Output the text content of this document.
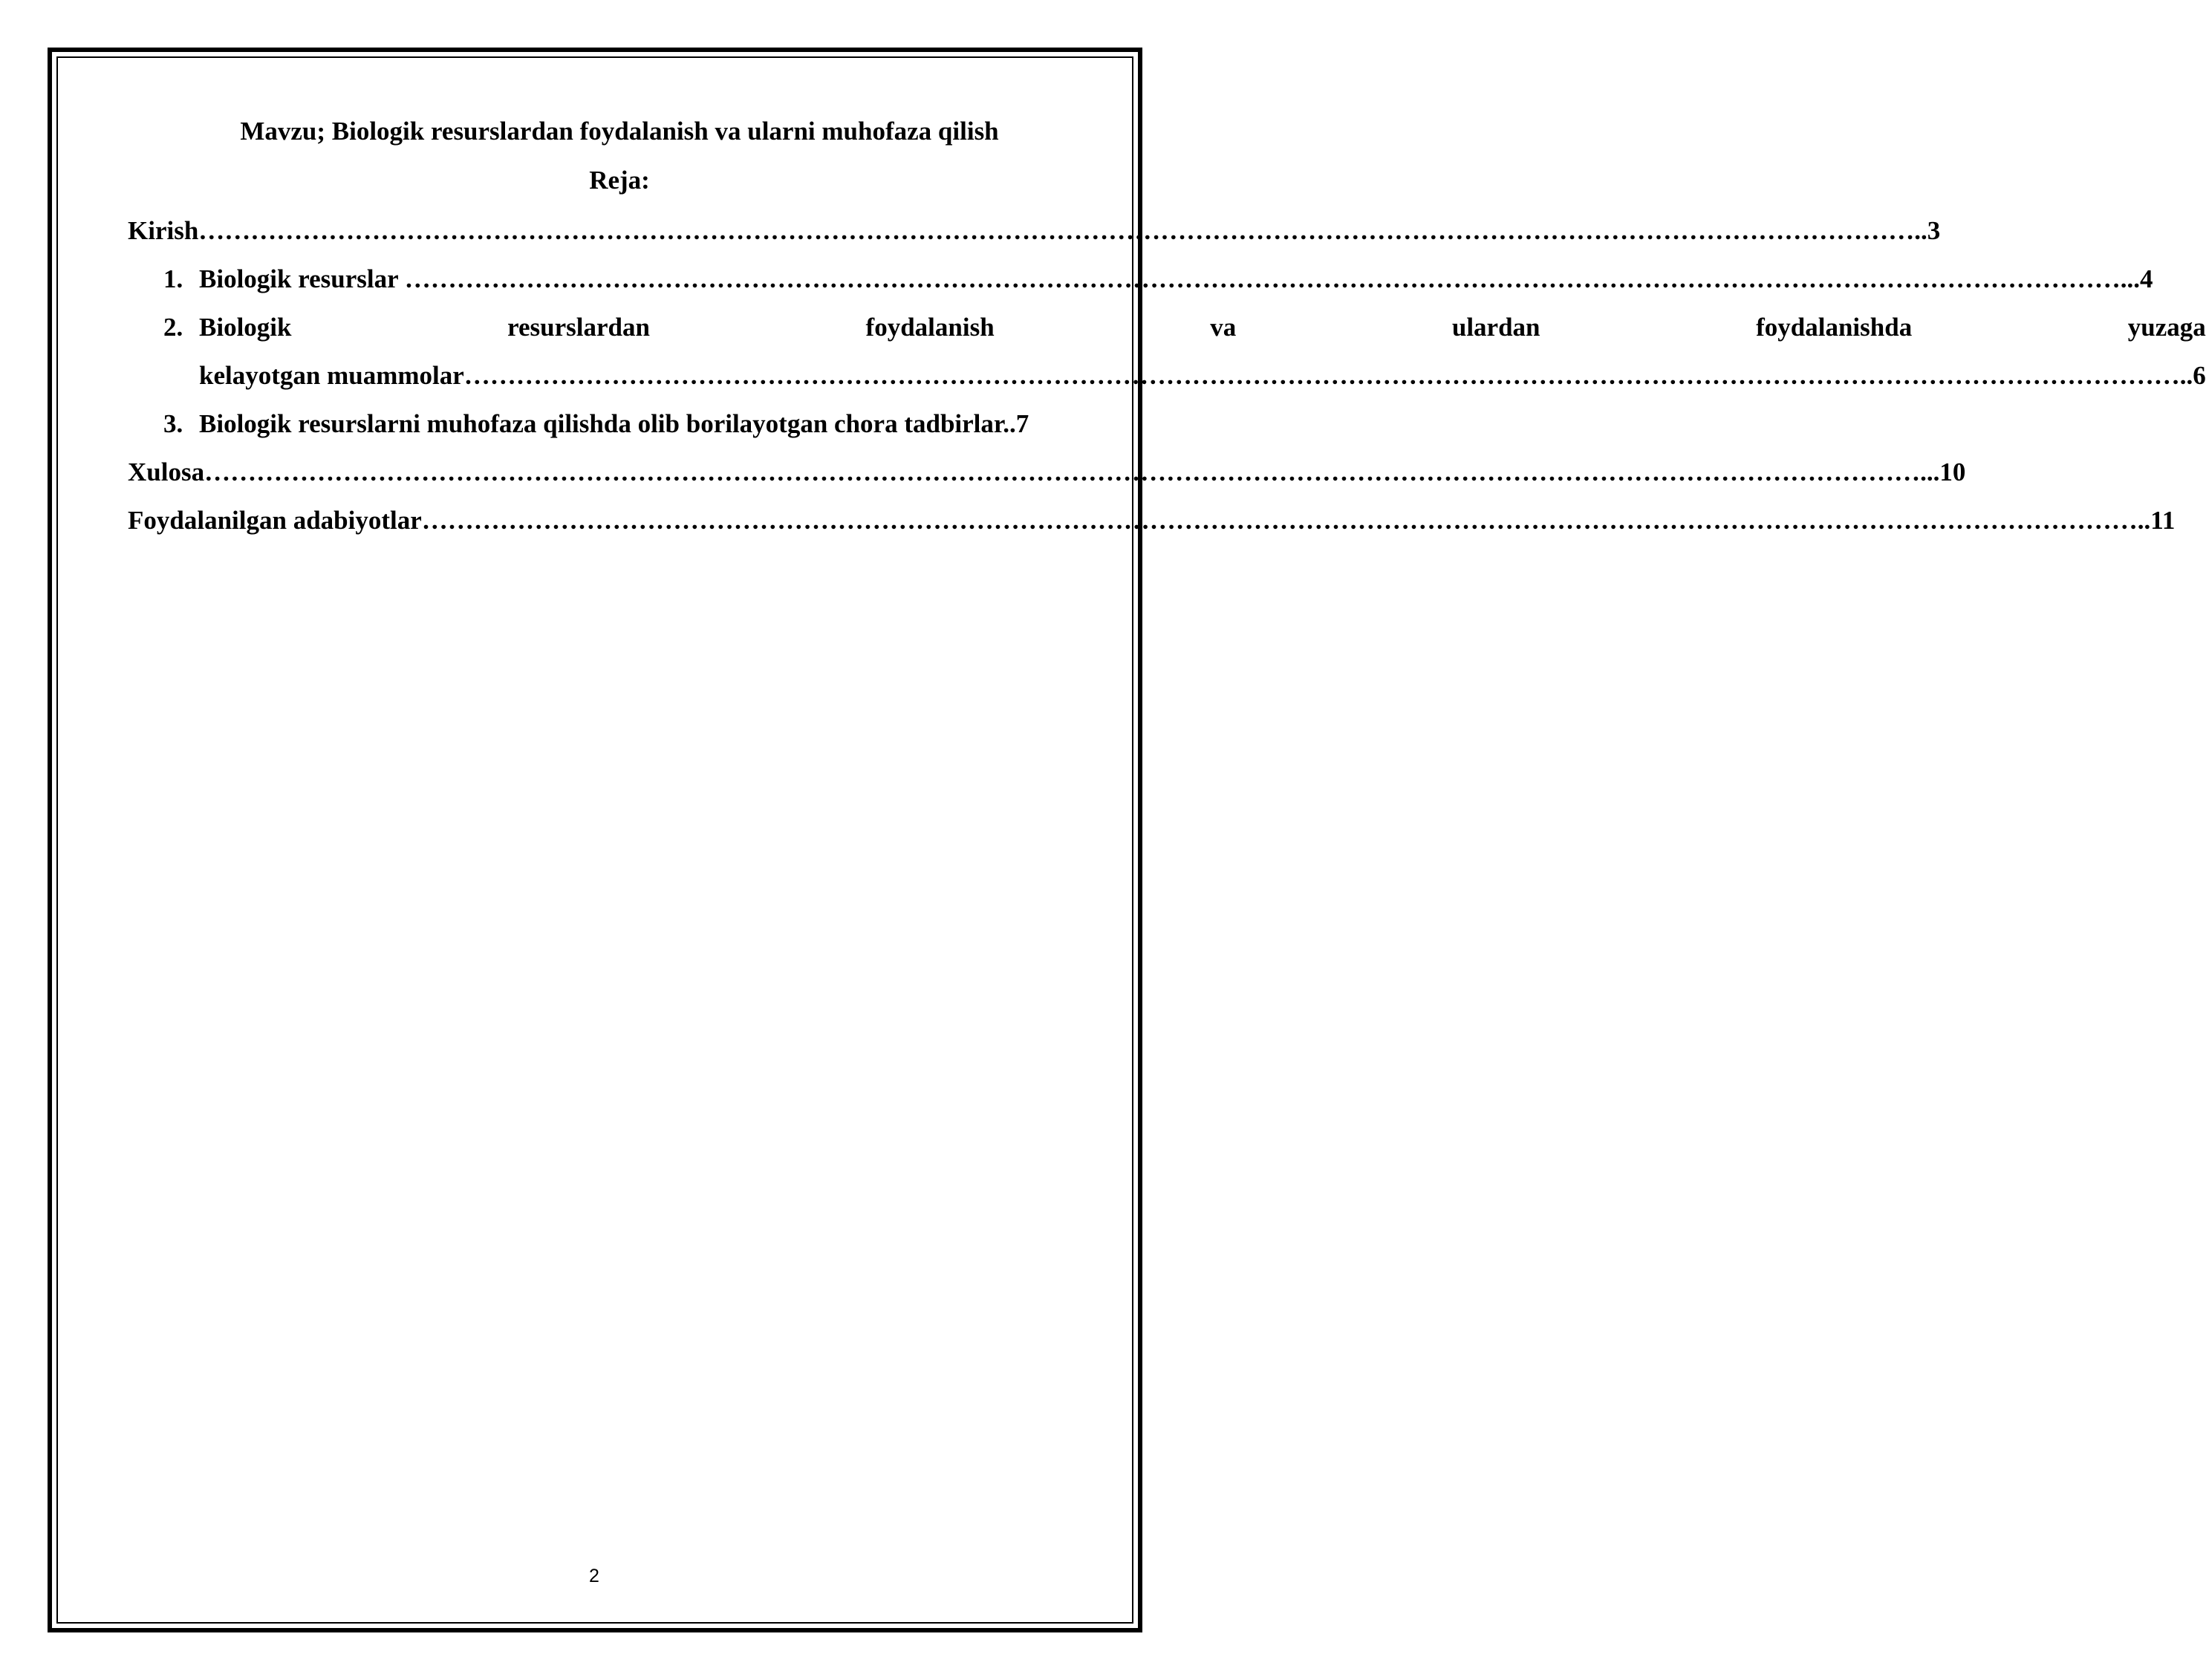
Mavzu; Biologik resurslardan foydalanish va ularni muhofaza qilish

Reja:

Kirish ………………………………………………………………………………………………………………………………………………………………………………	..3
1. Biologik resurslar ………………………………………………………………………………………………………………………………………………………………………………	...4
2. Biologik resurslardan foydalanish va ulardan foydalanishda yuzaga
kelayotgan muammolar ………………………………………………………………………………………………………………………………………………………………………………	..6
3. Biologik resurslarni muhofaza qilishda olib borilayotgan chora tadbirlar..7
Xulosa ………………………………………………………………………………………………………………………………………………………………………………	...10
Foydalanilgan adabiyotlar ………………………………………………………………………………………………………………………………………………………………………………	..11
2
